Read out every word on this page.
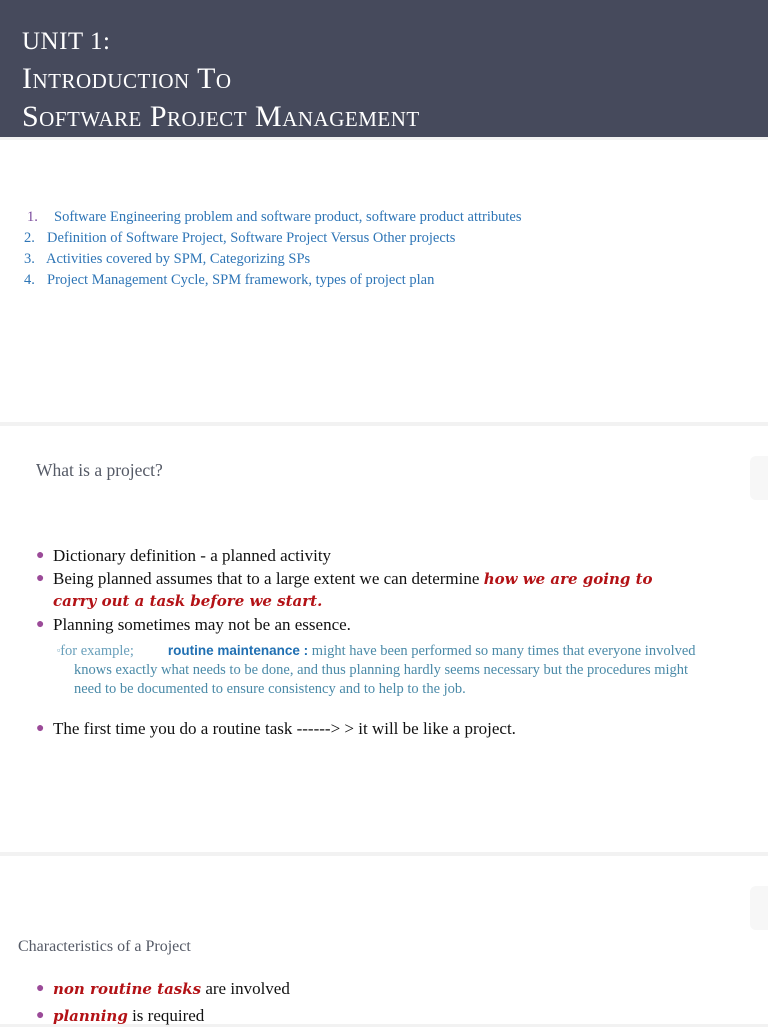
UNIT 1:
Introduction To
Software Project Management
1.	Software Engineering problem and software product, software product attributes
2. Definition of Software Project, Software Project Versus Other projects
3. Activities covered by SPM, Categorizing SPs
4. Project Management Cycle, SPM framework, types of project plan
What is a project?
● Dictionary definition - a planned activity
● Being planned assumes that to a large extent we can determine how we are going to carry out a task before we start.
● Planning sometimes may not be an essence.
▫for example;	routine maintenance : might have been performed so many times that everyone involved knows exactly what needs to be done, and thus planning hardly seems necessary but the procedures might need to be documented to ensure consistency and to help to the job.
● The first time you do a routine task ------> > it will be like a project.
Characteristics of a Project
● non routine tasks are involved
● planning is required
